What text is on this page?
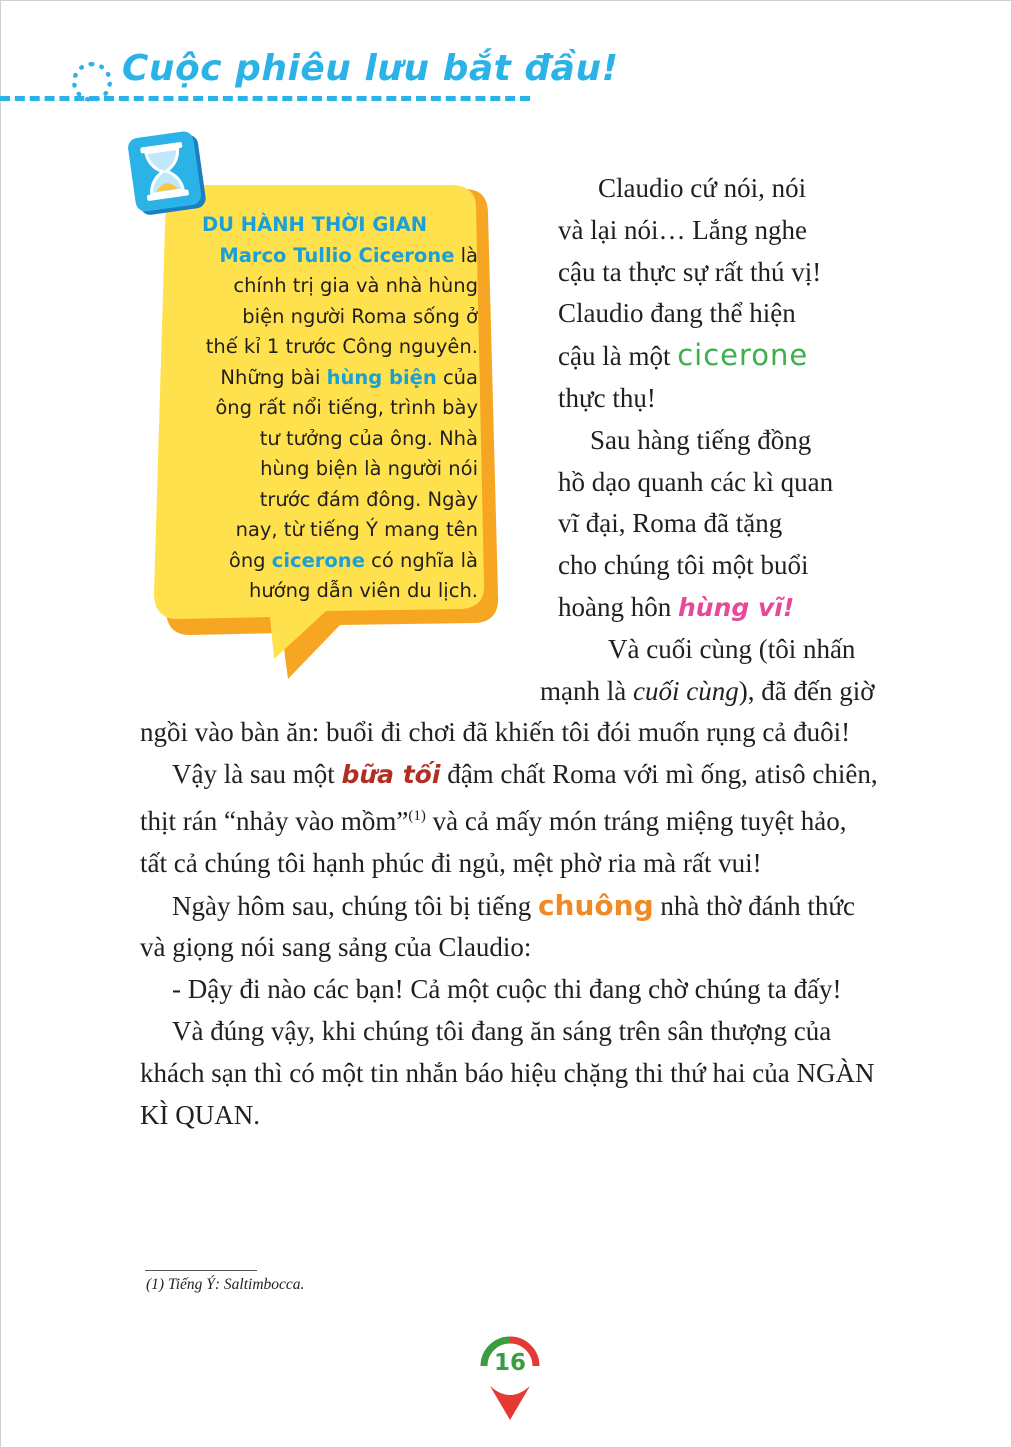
Cuộc phiêu lưu bắt đầu!
DU HÀNH THỜI GIAN
Marco Tullio Cicerone là
chính trị gia và nhà hùng
biện người Roma sống ở
thế kỉ 1 trước Công nguyên.
Những bài hùng biện của
ông rất nổi tiếng, trình bày
tư tưởng của ông. Nhà
hùng biện là người nói
trước đám đông. Ngày
nay, từ tiếng Ý mang tên
ông cicerone có nghĩa là
hướng dẫn viên du lịch.

Claudio cứ nói, nói
và lại nói… Lắng nghe
cậu ta thực sự rất thú vị!
Claudio đang thể hiện
cậu là một cicerone
thực thụ!

Sau hàng tiếng đồng
hồ dạo quanh các kì quan
vĩ đại, Roma đã tặng
cho chúng tôi một buổi
hoàng hôn hùng vĩ!

Và cuối cùng (tôi nhấn
mạnh là cuối cùng), đã đến giờ ngồi vào bàn ăn: buổi đi chơi đã khiến tôi đói muốn rụng cả đuôi!

Vậy là sau một bữa tối đậm chất Roma với mì ống, atisô chiên, thịt rán “nhảy vào mồm”$^{(1)}$ và cả mấy món tráng miệng tuyệt hảo, tất cả chúng tôi hạnh phúc đi ngủ, mệt phờ ria mà rất vui!

Ngày hôm sau, chúng tôi bị tiếng chuông nhà thờ đánh thức và giọng nói sang sảng của Claudio:

- Dậy đi nào các bạn! Cả một cuộc thi đang chờ chúng ta đấy!

Và đúng vậy, khi chúng tôi đang ăn sáng trên sân thượng của khách sạn thì có một tin nhắn báo hiệu chặng thi thứ hai của NGÀN KÌ QUAN.

(1) Tiếng Ý: Saltimbocca.
16
